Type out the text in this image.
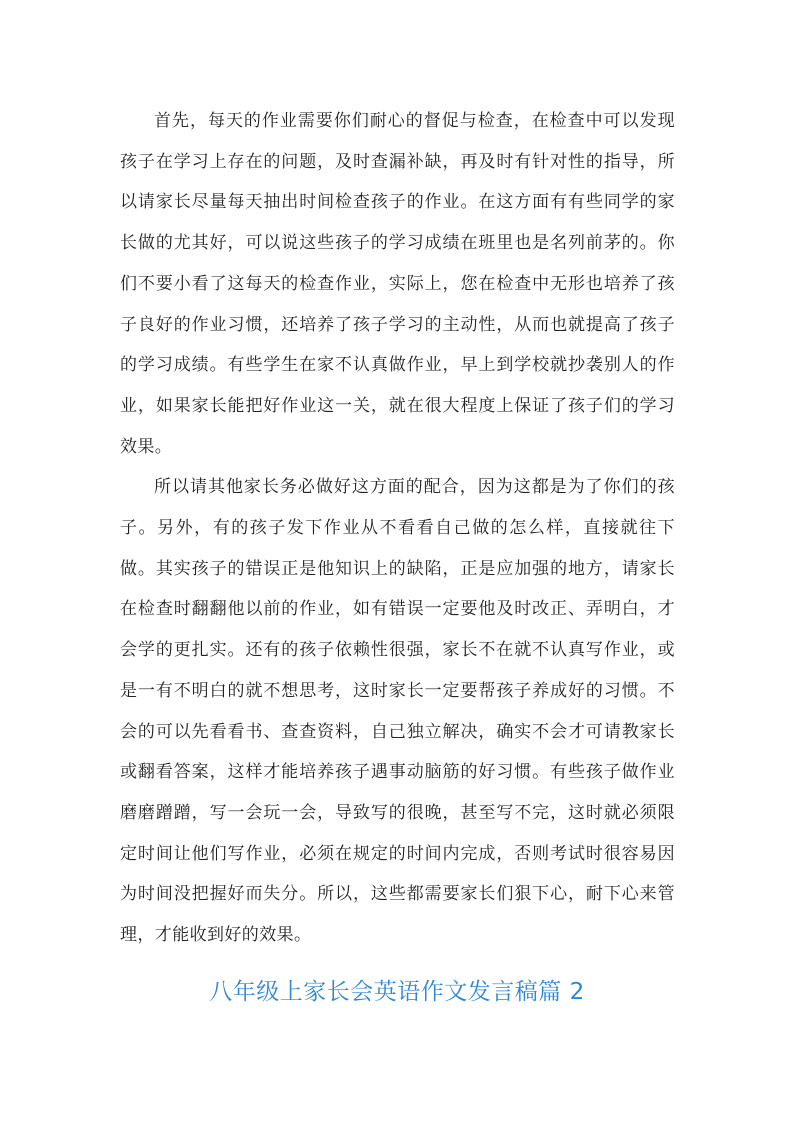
首先，每天的作业需要你们耐心的督促与检查，在检查中可以发现孩子在学习上存在的问题，及时查漏补缺，再及时有针对性的指导，所以请家长尽量每天抽出时间检查孩子的作业。在这方面有有些同学的家长做的尤其好，可以说这些孩子的学习成绩在班里也是名列前茅的。你们不要小看了这每天的检查作业，实际上，您在检查中无形也培养了孩子良好的作业习惯，还培养了孩子学习的主动性，从而也就提高了孩子的学习成绩。有些学生在家不认真做作业，早上到学校就抄袭别人的作业，如果家长能把好作业这一关，就在很大程度上保证了孩子们的学习效果。

所以请其他家长务必做好这方面的配合，因为这都是为了你们的孩子。另外，有的孩子发下作业从不看看自己做的怎么样，直接就往下做。其实孩子的错误正是他知识上的缺陷，正是应加强的地方，请家长在检查时翻翻他以前的作业，如有错误一定要他及时改正、弄明白，才会学的更扎实。还有的孩子依赖性很强，家长不在就不认真写作业，或是一有不明白的就不想思考，这时家长一定要帮孩子养成好的习惯。不会的可以先看看书、查查资料，自己独立解决，确实不会才可请教家长或翻看答案，这样才能培养孩子遇事动脑筋的好习惯。有些孩子做作业磨磨蹭蹭，写一会玩一会，导致写的很晚，甚至写不完，这时就必须限定时间让他们写作业，必须在规定的时间内完成，否则考试时很容易因为时间没把握好而失分。所以，这些都需要家长们狠下心，耐下心来管理，才能收到好的效果。

八年级上家长会英语作文发言稿篇 2
